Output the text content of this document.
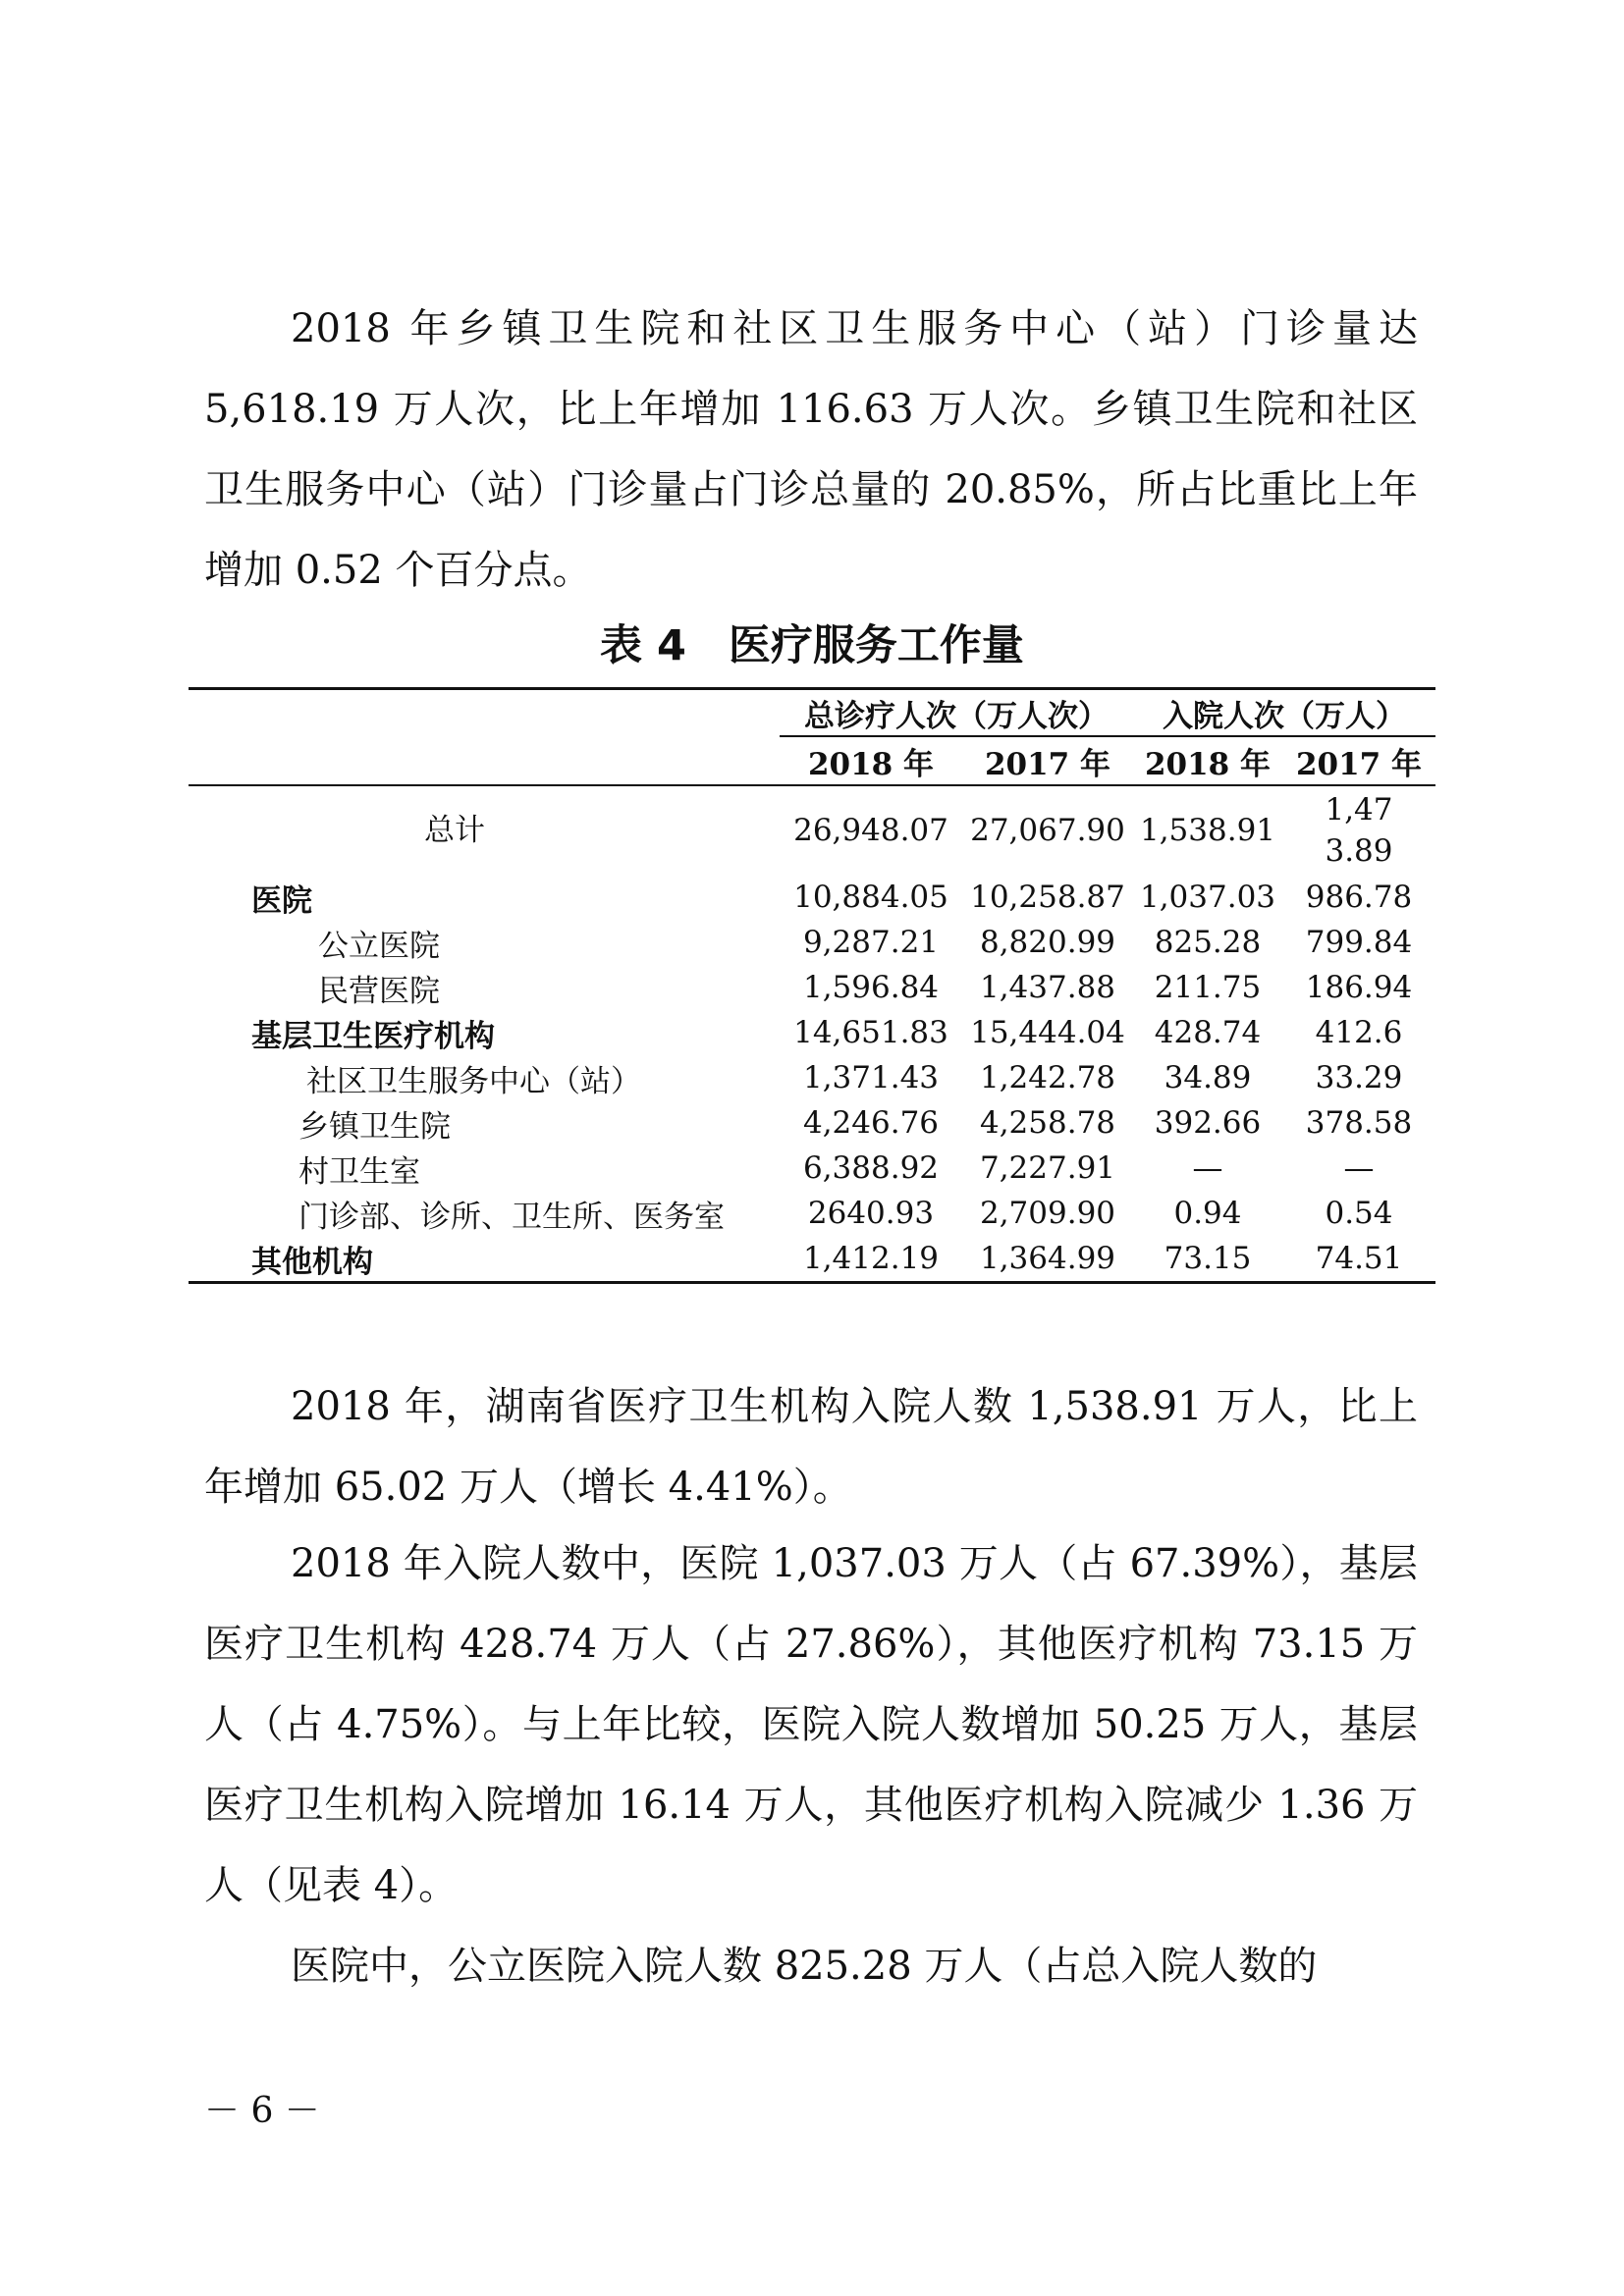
2018 年乡镇卫生院和社区卫生服务中心（站）门诊量达5,618.19 万人次，比上年增加 116.63 万人次。乡镇卫生院和社区卫生服务中心（站）门诊量占门诊总量的 20.85%，所占比重比上年增加 0.52 个百分点。

表 4　医疗服务工作量
	总诊疗人次（万人次）		入院人次（万人）	
	2018 年	2017 年	2018 年	2017 年
总计	26,948.07	27,067.90	1,538.91	1,473.89
医院	10,884.05	10,258.87	1,037.03	986.78
公立医院	9,287.21	8,820.99	825.28	799.84
民营医院	1,596.84	1,437.88	211.75	186.94
基层卫生医疗机构	14,651.83	15,444.04	428.74	412.6
社区卫生服务中心（站）	1,371.43	1,242.78	34.89	33.29
乡镇卫生院	4,246.76	4,258.78	392.66	378.58
村卫生室	6,388.92	7,227.91	—	—
门诊部、诊所、卫生所、医务室	2640.93	2,709.90	0.94	0.54
其他机构	1,412.19	1,364.99	73.15	74.51

2018 年，湖南省医疗卫生机构入院人数 1,538.91 万人，比上年增加 65.02 万人（增长 4.41%）。

2018 年入院人数中，医院 1,037.03 万人（占 67.39%），基层医疗卫生机构 428.74 万人（占 27.86%），其他医疗机构 73.15 万人（占 4.75%）。与上年比较，医院入院人数增加 50.25 万人，基层医疗卫生机构入院增加 16.14 万人，其他医疗机构入院减少 1.36 万人（见表 4）。

医院中，公立医院入院人数 825.28 万人（占总入院人数的

－ 6 －
